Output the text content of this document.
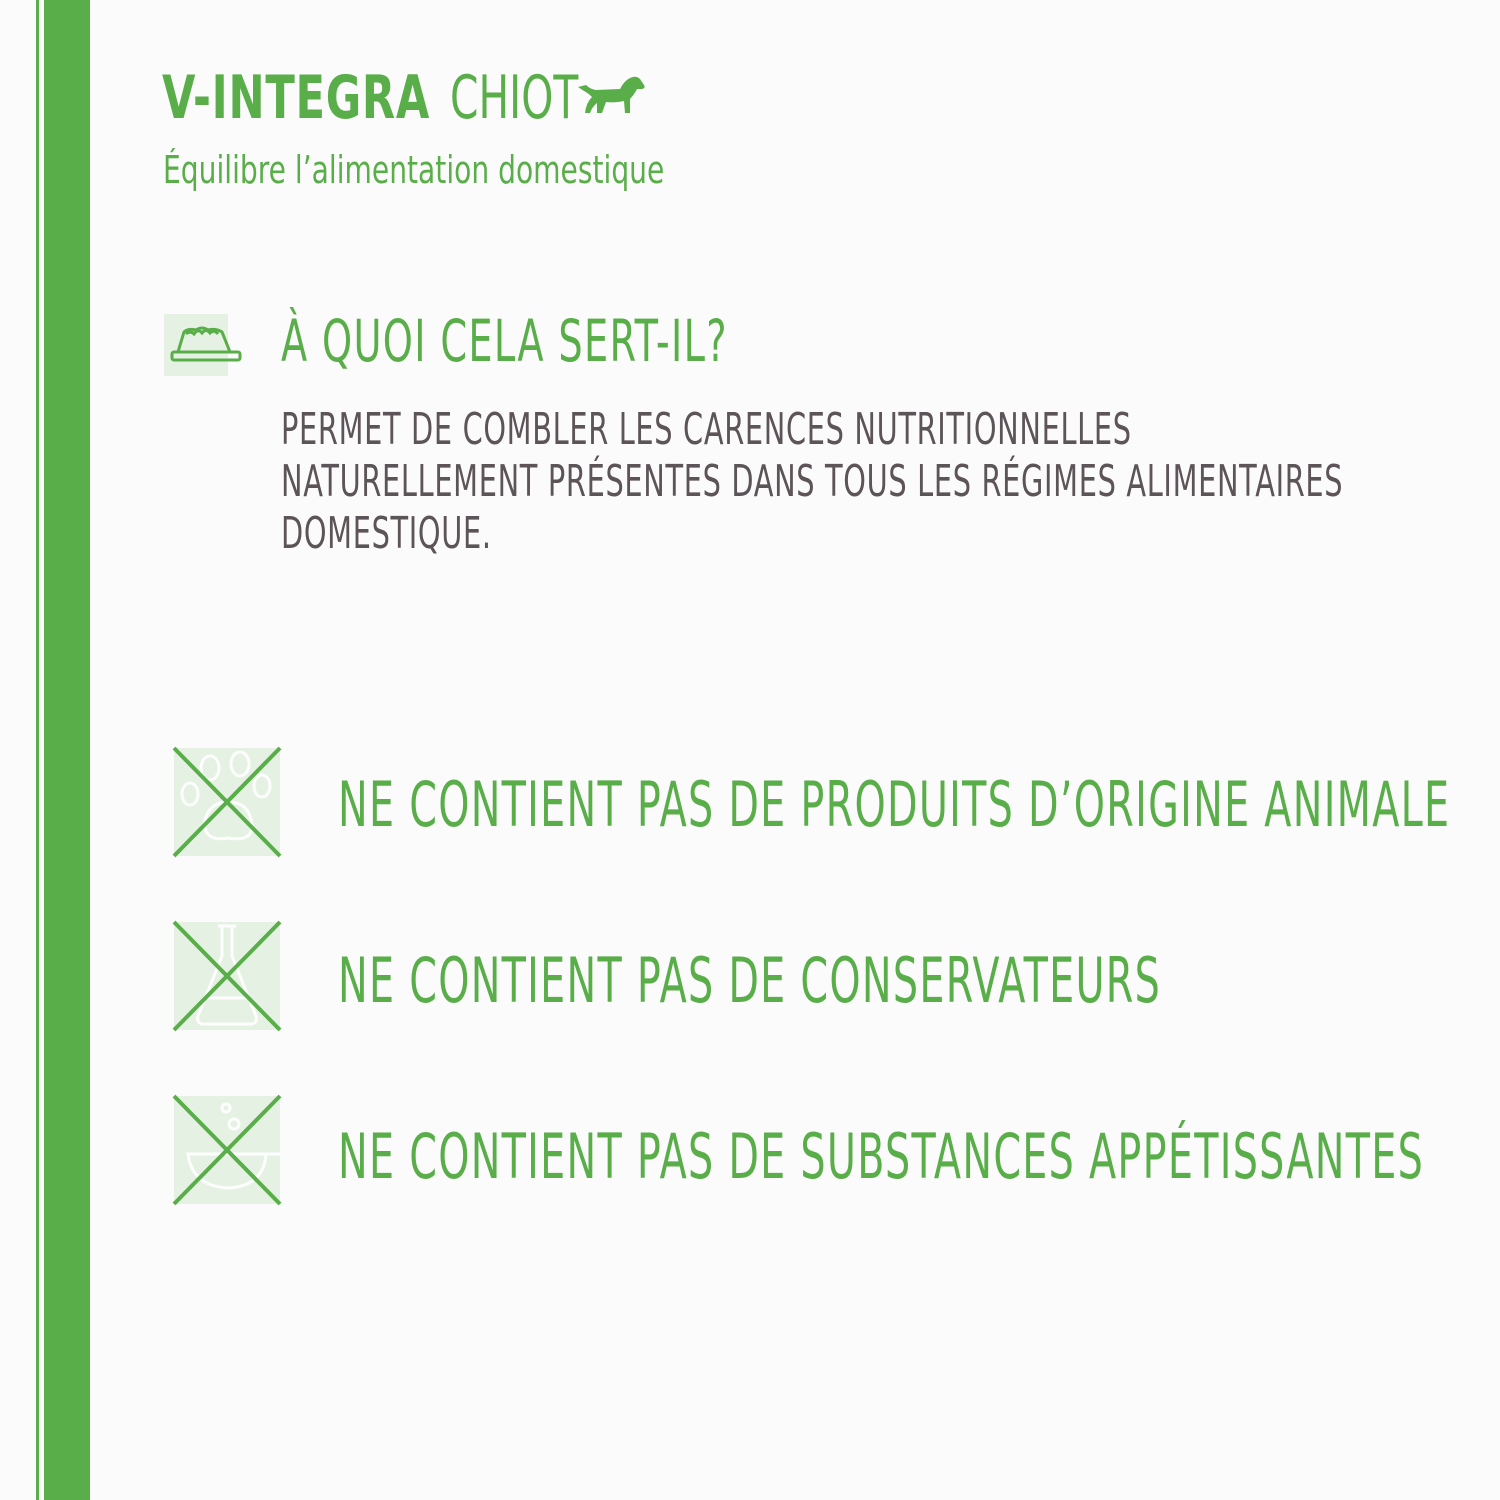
V-INTEGRA CHIOT
Équilibre l’alimentation domestique
À QUOI CELA SERT-IL?
PERMET DE COMBLER LES CARENCES NUTRITIONNELLES
NATURELLEMENT PRÉSENTES DANS TOUS LES RÉGIMES ALIMENTAIRES
DOMESTIQUE.
NE CONTIENT PAS DE PRODUITS D’ORIGINE ANIMALE
NE CONTIENT PAS DE CONSERVATEURS
NE CONTIENT PAS DE SUBSTANCES APPÉTISSANTES
